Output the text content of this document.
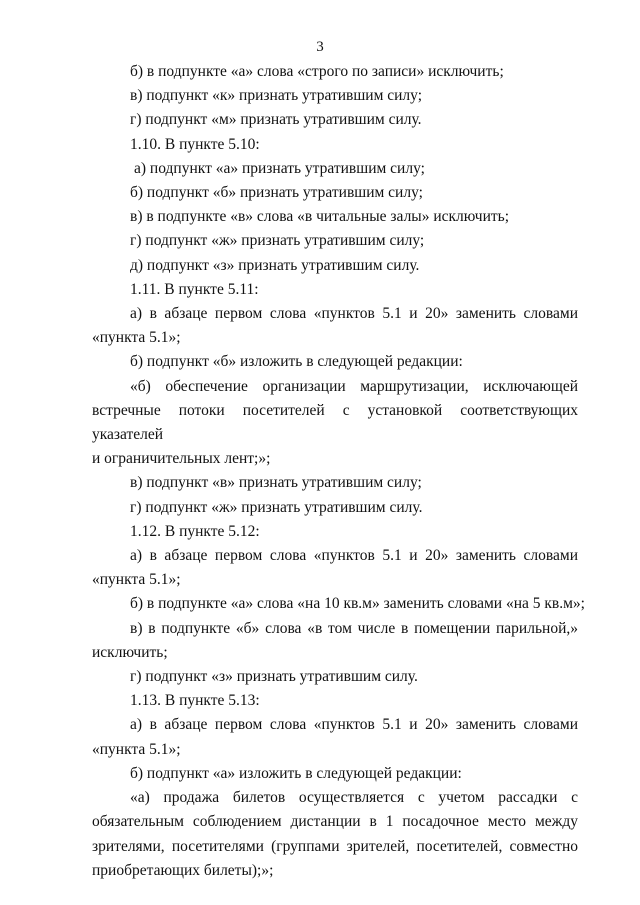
3
б) в подпункте «а» слова «строго по записи» исключить;
в) подпункт «к» признать утратившим силу;
г) подпункт «м» признать утратившим силу.
1.10. В пункте 5.10:
а) подпункт «а» признать утратившим силу;
б) подпункт «б» признать утратившим силу;
в) в подпункте «в» слова «в читальные залы» исключить;
г) подпункт «ж» признать утратившим силу;
д) подпункт «з» признать утратившим силу.
1.11. В пункте 5.11:
а) в абзаце первом слова «пунктов 5.1 и 20» заменить словами
«пункта 5.1»;
б) подпункт «б» изложить в следующей редакции:
«б) обеспечение организации маршрутизации, исключающей
встречные потоки посетителей с установкой соответствующих указателей
и ограничительных лент;»;
в) подпункт «в» признать утратившим силу;
г) подпункт «ж» признать утратившим силу.
1.12. В пункте 5.12:
а) в абзаце первом слова «пунктов 5.1 и 20» заменить словами
«пункта 5.1»;
б) в подпункте «а» слова «на 10 кв.м» заменить словами «на 5 кв.м»;
в) в подпункте «б» слова «в том числе в помещении парильной,»
исключить;
г) подпункт «з» признать утратившим силу.
1.13. В пункте 5.13:
а) в абзаце первом слова «пунктов 5.1 и 20» заменить словами
«пункта 5.1»;
б) подпункт «а» изложить в следующей редакции:
«а) продажа билетов осуществляется с учетом рассадки с
обязательным соблюдением дистанции в 1 посадочное место между
зрителями, посетителями (группами зрителей, посетителей, совместно
приобретающих билеты);»;
